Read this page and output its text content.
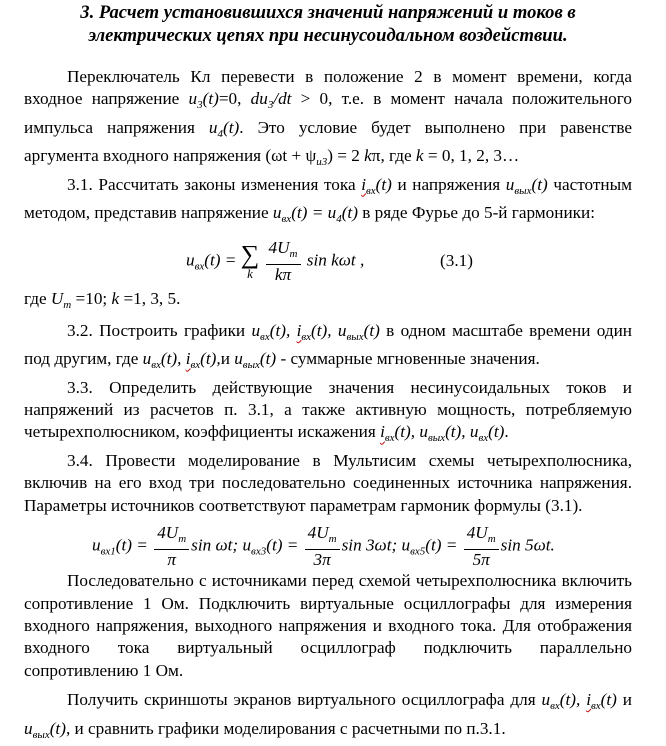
3. Расчет установившихся значений напряжений и токов в
электрических цепях при несинусоидальном воздействии.

Переключатель Кл перевести в положение 2 в момент времени, когда входное напряжение $u_3(t)=0$, $du_3/dt > 0$, т.е. в момент начала положительного импульса напряжения $u_4(t)$. Это условие будет выполнено при равенстве аргумента входного напряжения $(\omega t + \psi_{u3}) = 2$ kπ, где k = 0, 1, 2, 3…

3.1. Рассчитать законы изменения тока $i_{вх}(t)$ и напряжения $u_{вых}(t)$ частотным методом, представив напряжение $u_{вх}(t) = u_4(t)$ в ряде Фурье до 5-й гармоники:

$u_{вх}(t)$ = ∑
k
$\frac{4U_m}{k\pi}$ sin kωt ,	(3.1)

где $U_m =10$; k =1, 3, 5.

3.2. Построить графики $u_{вх}(t)$, $i_{вх}(t)$, $u_{вых}(t)$ в одном масштабе времени один под другим, где $u_{вх}(t)$, $i_{вх}(t),и$ $u_{вых}(t)$ - суммарные мгновенные значения.

3.3. Определить действующие значения несинусоидальных токов и напряжений из расчетов п. 3.1, а также активную мощность, потребляемую четырехполюсником, коэффициенты искажения $i_{вх}(t)$, $u_{вых}(t)$, $u_{вх}(t)$.

3.4. Провести моделирование в Мультисим схемы четырехполюсника, включив на его вход три последовательно соединенных источника напряжения. Параметры источников соответствуют параметрам гармоник формулы (3.1).

$u_{вх1}(t) = \frac{4U_m}{\pi}$ sin ωt; $u_{вх3}(t) = \frac{4U_m}{3\pi}$ sin 3ωt; $u_{вх5}(t) = \frac{4U_m}{5\pi}$ sin 5ωt.

Последовательно с источниками перед схемой четырехполюсника включить сопротивление 1 Ом. Подключить виртуальные осциллографы для измерения входного напряжения, выходного напряжения и входного тока. Для отображения входного тока виртуальный осциллограф подключить параллельно сопротивлению 1 Ом.

Получить скриншоты экранов виртуального осциллографа для $u_{вх}(t)$, $i_{вх}(t)$ и $u_{вых}(t)$, и сравнить графики моделирования с расчетными по п.3.1.
